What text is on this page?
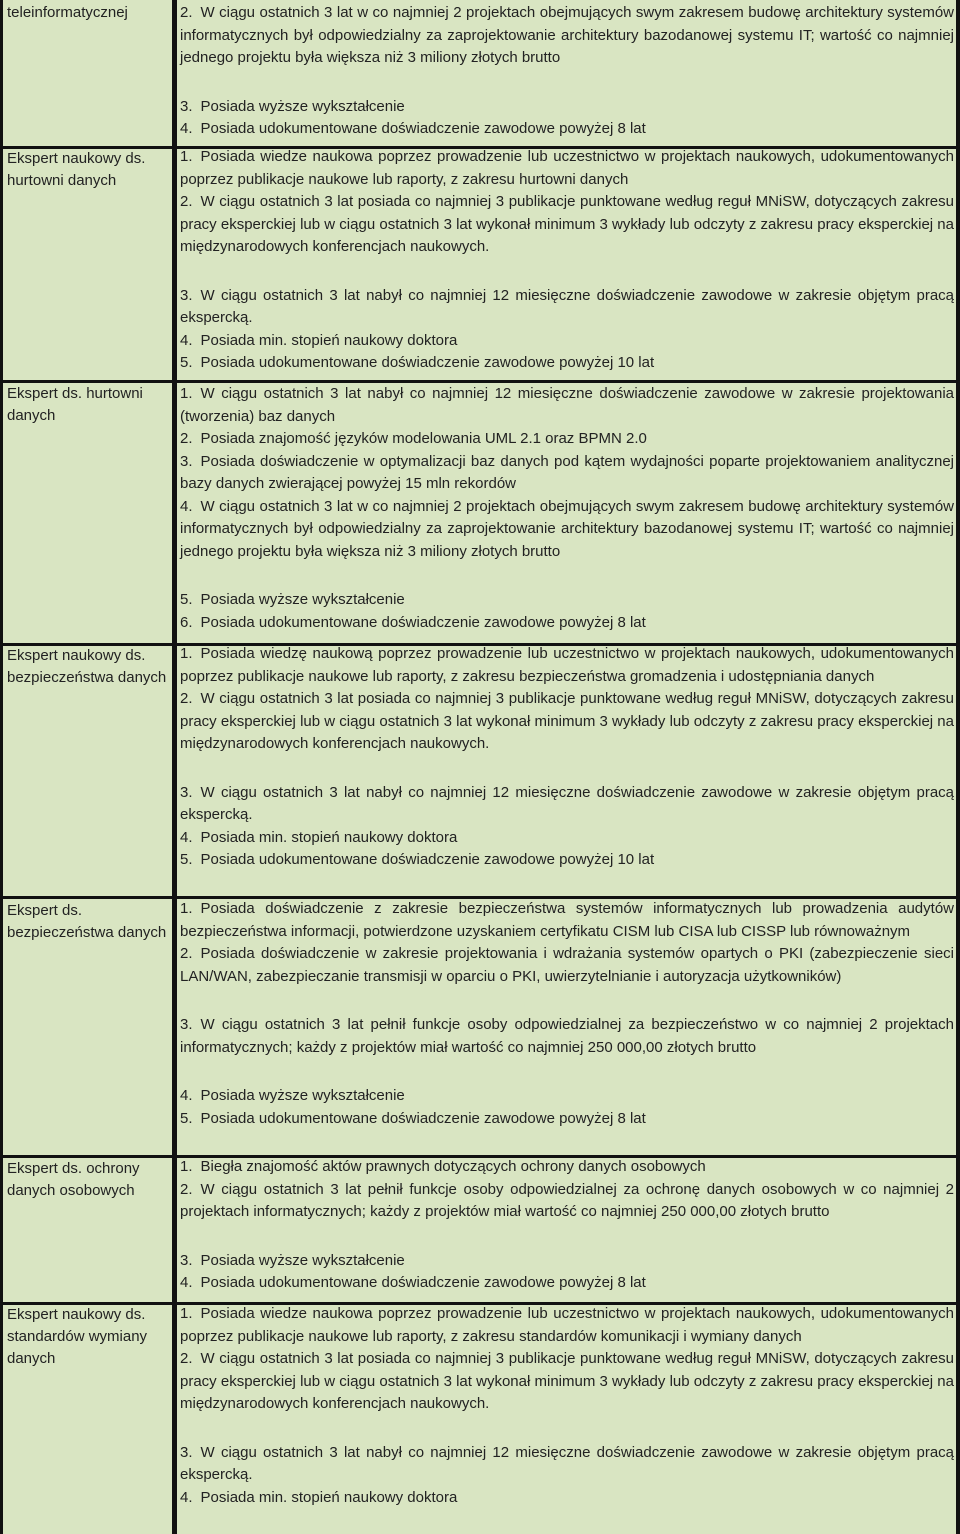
teleinformatycznej	2. W ciągu ostatnich 3 lat w co najmniej 2 projektach obejmujących swym zakresem budowę architektury systemów informatycznych był odpowiedzialny za zaprojektowanie architektury bazodanowej systemu IT; wartość co najmniej jednego projektu była większa niż 3 miliony złotych brutto

3. Posiada wyższe wykształcenie

4. Posiada udokumentowane doświadczenie zawodowe powyżej 8 lat

Ekspert naukowy ds. hurtowni danych

1. Posiada wiedze naukowa poprzez prowadzenie lub uczestnictwo w projektach naukowych, udokumentowanych poprzez publikacje naukowe lub raporty, z zakresu hurtowni danych

2. W ciągu ostatnich 3 lat posiada co najmniej 3 publikacje punktowane według reguł MNiSW, dotyczących zakresu pracy eksperckiej lub w ciągu ostatnich 3 lat wykonał minimum 3 wykłady lub odczyty z zakresu pracy eksperckiej na międzynarodowych konferencjach naukowych.

3. W ciągu ostatnich 3 lat nabył co najmniej 12 miesięczne doświadczenie zawodowe w zakresie objętym pracą ekspercką.

4. Posiada min. stopień naukowy doktora

5. Posiada udokumentowane doświadczenie zawodowe powyżej 10 lat

Ekspert ds. hurtowni danych

1. W ciągu ostatnich 3 lat nabył co najmniej 12 miesięczne doświadczenie zawodowe w zakresie projektowania (tworzenia) baz danych

2. Posiada znajomość języków modelowania UML 2.1 oraz BPMN 2.0

3. Posiada doświadczenie w optymalizacji baz danych pod kątem wydajności poparte projektowaniem analitycznej bazy danych zwierającej powyżej 15 mln rekordów

4. W ciągu ostatnich 3 lat w co najmniej 2 projektach obejmujących swym zakresem budowę architektury systemów informatycznych był odpowiedzialny za zaprojektowanie architektury bazodanowej systemu IT; wartość co najmniej jednego projektu była większa niż 3 miliony złotych brutto

5. Posiada wyższe wykształcenie

6. Posiada udokumentowane doświadczenie zawodowe powyżej 8 lat

Ekspert naukowy ds. bezpieczeństwa danych

1. Posiada wiedzę naukową poprzez prowadzenie lub uczestnictwo w projektach naukowych, udokumentowanych poprzez publikacje naukowe lub raporty, z zakresu bezpieczeństwa gromadzenia i udostępniania danych

2. W ciągu ostatnich 3 lat posiada co najmniej 3 publikacje punktowane według reguł MNiSW, dotyczących zakresu pracy eksperckiej lub w ciągu ostatnich 3 lat wykonał minimum 3 wykłady lub odczyty z zakresu pracy eksperckiej na międzynarodowych konferencjach naukowych.

3. W ciągu ostatnich 3 lat nabył co najmniej 12 miesięczne doświadczenie zawodowe w zakresie objętym pracą ekspercką.

4. Posiada min. stopień naukowy doktora

5. Posiada udokumentowane doświadczenie zawodowe powyżej 10 lat

Ekspert ds. bezpieczeństwa danych

1. Posiada doświadczenie z zakresie bezpieczeństwa systemów informatycznych lub prowadzenia audytów bezpieczeństwa informacji, potwierdzone uzyskaniem certyfikatu CISM lub CISA lub CISSP lub równoważnym

2. Posiada doświadczenie w zakresie projektowania i wdrażania systemów opartych o PKI (zabezpieczenie sieci LAN/WAN, zabezpieczanie transmisji w oparciu o PKI, uwierzytelnianie i autoryzacja użytkowników)

3. W ciągu ostatnich 3 lat pełnił funkcje osoby odpowiedzialnej za bezpieczeństwo w co najmniej 2 projektach informatycznych; każdy z projektów miał wartość co najmniej 250 000,00 złotych brutto

4. Posiada wyższe wykształcenie

5. Posiada udokumentowane doświadczenie zawodowe powyżej 8 lat

Ekspert ds. ochrony danych osobowych

1. Biegła znajomość aktów prawnych dotyczących ochrony danych osobowych

2. W ciągu ostatnich 3 lat pełnił funkcje osoby odpowiedzialnej za ochronę danych osobowych w co najmniej 2 projektach informatycznych; każdy z projektów miał wartość co najmniej 250 000,00 złotych brutto

3. Posiada wyższe wykształcenie

4. Posiada udokumentowane doświadczenie zawodowe powyżej 8 lat

Ekspert naukowy ds. standardów wymiany danych

1. Posiada wiedze naukowa poprzez prowadzenie lub uczestnictwo w projektach naukowych, udokumentowanych poprzez publikacje naukowe lub raporty, z zakresu standardów komunikacji i wymiany danych

2. W ciągu ostatnich 3 lat posiada co najmniej 3 publikacje punktowane według reguł MNiSW, dotyczących zakresu pracy eksperckiej lub w ciągu ostatnich 3 lat wykonał minimum 3 wykłady lub odczyty z zakresu pracy eksperckiej na międzynarodowych konferencjach naukowych.

3. W ciągu ostatnich 3 lat nabył co najmniej 12 miesięczne doświadczenie zawodowe w zakresie objętym pracą ekspercką.

4. Posiada min. stopień naukowy doktora
